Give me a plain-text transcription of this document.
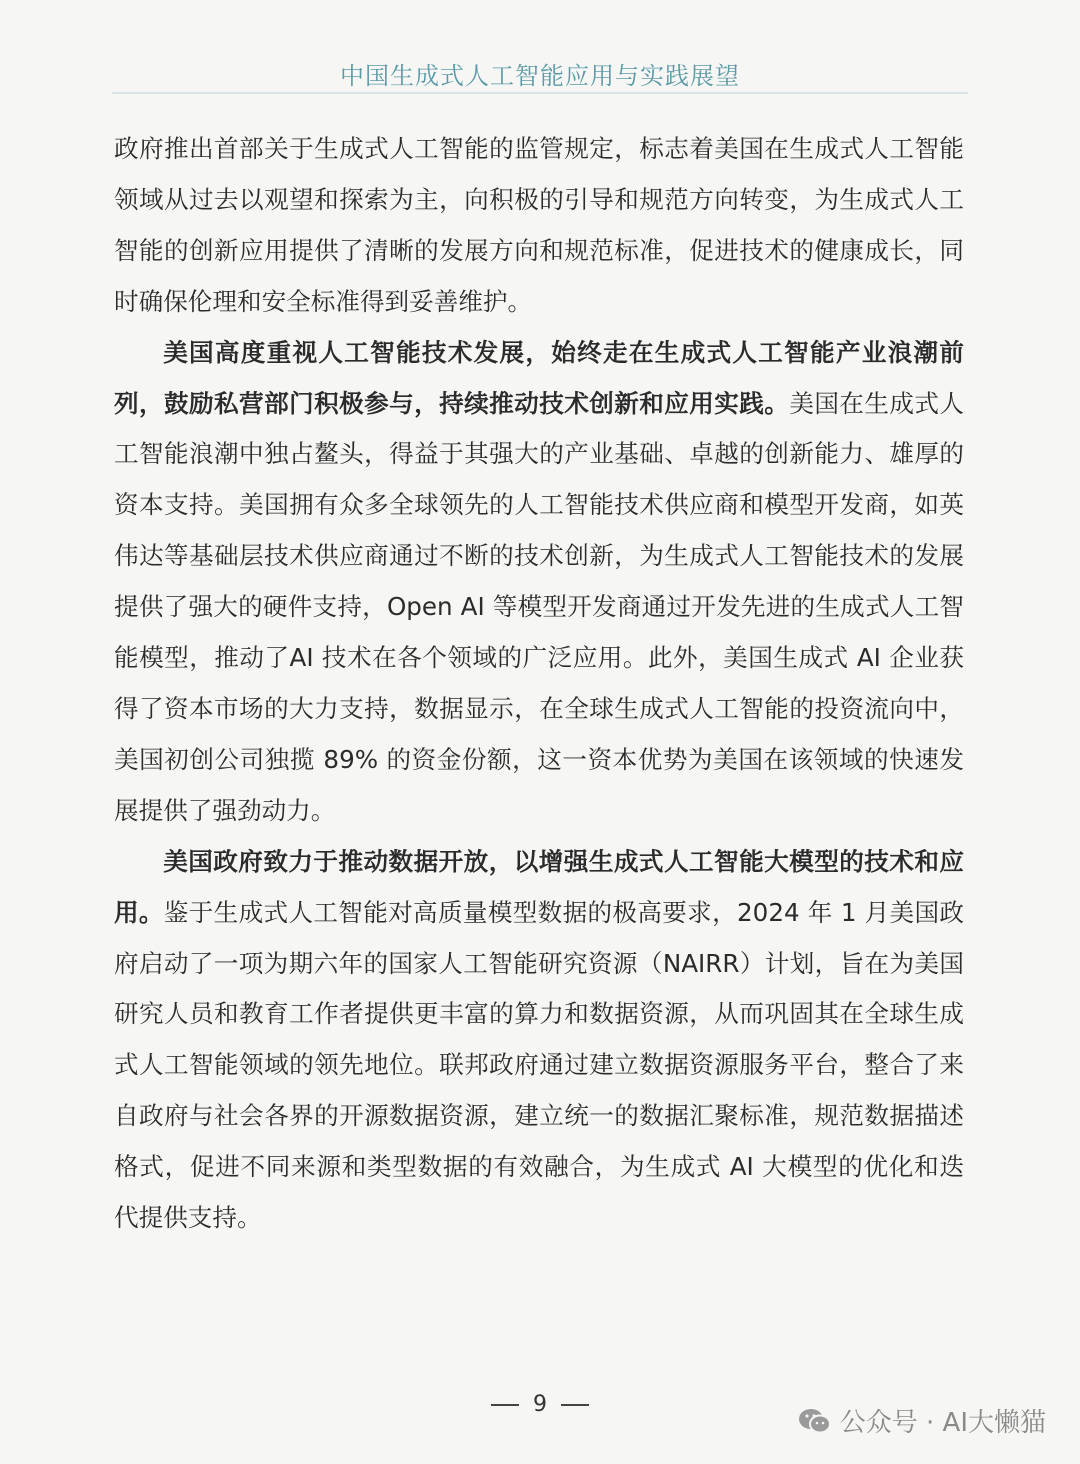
中国生成式人工智能应用与实践展望

政府推出首部关于生成式人工智能的监管规定，标志着美国在生成式人工智能领域从过去以观望和探索为主，向积极的引导和规范方向转变，为生成式人工智能的创新应用提供了清晰的发展方向和规范标准，促进技术的健康成长，同时确保伦理和安全标准得到妥善维护。

美国高度重视人工智能技术发展，始终走在生成式人工智能产业浪潮前列，鼓励私营部门积极参与，持续推动技术创新和应用实践。美国在生成式人工智能浪潮中独占鳌头，得益于其强大的产业基础、卓越的创新能力、雄厚的资本支持。美国拥有众多全球领先的人工智能技术供应商和模型开发商，如英伟达等基础层技术供应商通过不断的技术创新，为生成式人工智能技术的发展提供了强大的硬件支持，Open AI 等模型开发商通过开发先进的生成式人工智能模型，推动了AI 技术在各个领域的广泛应用。此外，美国生成式 AI 企业获得了资本市场的大力支持，数据显示，在全球生成式人工智能的投资流向中，美国初创公司独揽 89% 的资金份额，这一资本优势为美国在该领域的快速发展提供了强劲动力。

美国政府致力于推动数据开放，以增强生成式人工智能大模型的技术和应用。鉴于生成式人工智能对高质量模型数据的极高要求，2024 年 1 月美国政府启动了一项为期六年的国家人工智能研究资源（NAIRR）计划，旨在为美国研究人员和教育工作者提供更丰富的算力和数据资源，从而巩固其在全球生成式人工智能领域的领先地位。联邦政府通过建立数据资源服务平台，整合了来自政府与社会各界的开源数据资源，建立统一的数据汇聚标准，规范数据描述格式，促进不同来源和类型数据的有效融合，为生成式 AI 大模型的优化和迭代提供支持。

9
公众号 · AI大懒猫
